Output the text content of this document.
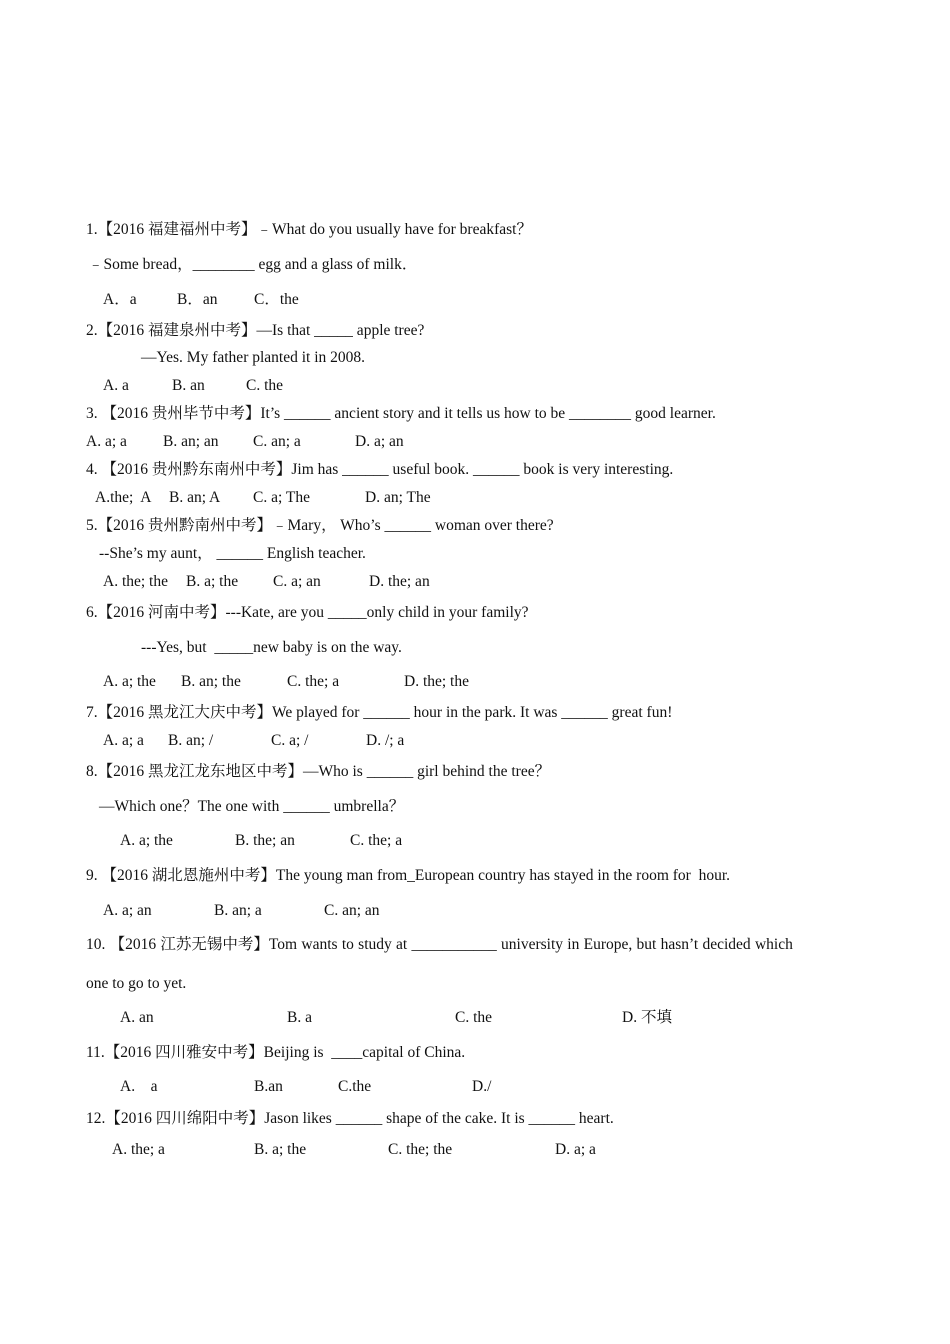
1.【2016 福建福州中考】﹣What do you usually have for breakfast？
﹣Some bread，________ egg and a glass of milk．
A．a	B．an C．the
2.【2016 福建泉州中考】—Is that _____ apple tree?
—Yes. My father planted it in 2008.
A. a	B. an	C. the
3. 【2016 贵州毕节中考】It’s ______ ancient story and it tells us how to be ________ good learner.
A. a; a B. an; an C. an; a	D. a; an
4. 【2016 贵州黔东南州中考】Jim has ______ useful book. ______ book is very interesting.
A.the;  A B. an; A C. a; The	D. an; The
5.【2016 贵州黔南州中考】﹣Mary， Who’s ______ woman over there?
--She’s my aunt， ______ English teacher.
A. the; the B. a; the C. a; an	D. the; an
6.【2016 河南中考】---Kate, are you _____only child in your family?
---Yes, but  _____new baby is on the way.
A. a; the B. an; the	C. the; a	D. the; the
7.【2016 黑龙江大庆中考】We played for ______ hour in the park. It was ______ great fun!
A. a; a B. an; /	C. a; /	D. /; a
8.【2016 黑龙江龙东地区中考】—Who is ______ girl behind the tree？
—Which one？The one with ______ umbrella？
A. a; the	B. the; an	C. the; a
9. 【2016 湖北恩施州中考】The young man from_European country has stayed in the room for  hour.
A. a; an	B. an; a	C. an; an
10. 【2016 江苏无锡中考】Tom wants to study at ___________ university in Europe, but hasn’t decided which
one to go to yet.
A. an	B. a	C. the	D. 不填
11.【2016 四川雅安中考】Beijing is  ____capital of China.
A.    a	B.an	C.the	D./
12.【2016 四川绵阳中考】Jason likes ______ shape of the cake. It is ______ heart.
A. the; a	B. a; the	C. the; the	D. a; a
